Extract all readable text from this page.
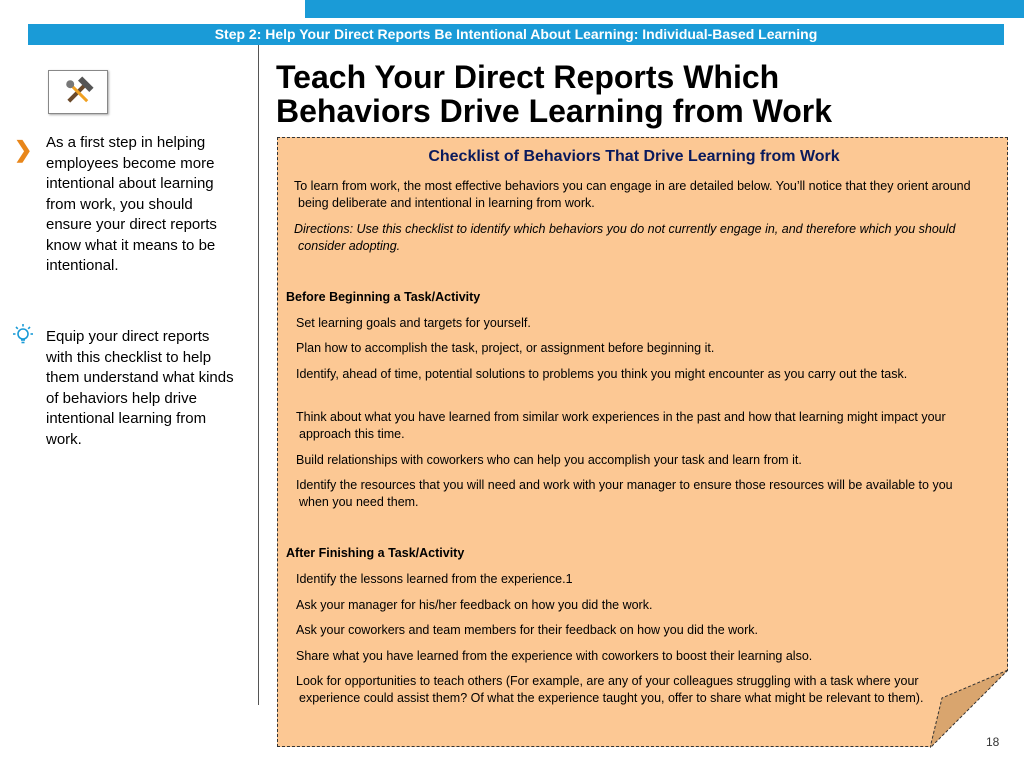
Step 2: Help Your Direct Reports Be Intentional About Learning: Individual-Based Learning
Teach Your Direct Reports Which
Behaviors Drive Learning from Work
❯ As a first step in helping employees become more intentional about learning from work, you should ensure your direct reports know what it means to be intentional.
Equip your direct reports with this checklist to help them understand what kinds of behaviors help drive intentional learning from work.
Checklist of Behaviors That Drive Learning from Work
To learn from work, the most effective behaviors you can engage in are detailed below. You’ll notice that they orient around being deliberate and intentional in learning from work.
Directions: Use this checklist to identify which behaviors you do not currently engage in, and therefore which you should consider adopting.
Before Beginning a Task/Activity
Set learning goals and targets for yourself.
Plan how to accomplish the task, project, or assignment before beginning it.
Identify, ahead of time, potential solutions to problems you think you might encounter as you carry out the task.
Think about what you have learned from similar work experiences in the past and how that learning might impact your approach this time.
Build relationships with coworkers who can help you accomplish your task and learn from it.
Identify the resources that you will need and work with your manager to ensure those resources will be available to you when you need them.
After Finishing a Task/Activity
Identify the lessons learned from the experience.1
Ask your manager for his/her feedback on how you did the work.
Ask your coworkers and team members for their feedback on how you did the work.
Share what you have learned from the experience with coworkers to boost their learning also.
Look for opportunities to teach others (For example, are any of your colleagues struggling with a task where your experience could assist them? Of what the experience taught you, offer to share what might be relevant to them).
18
